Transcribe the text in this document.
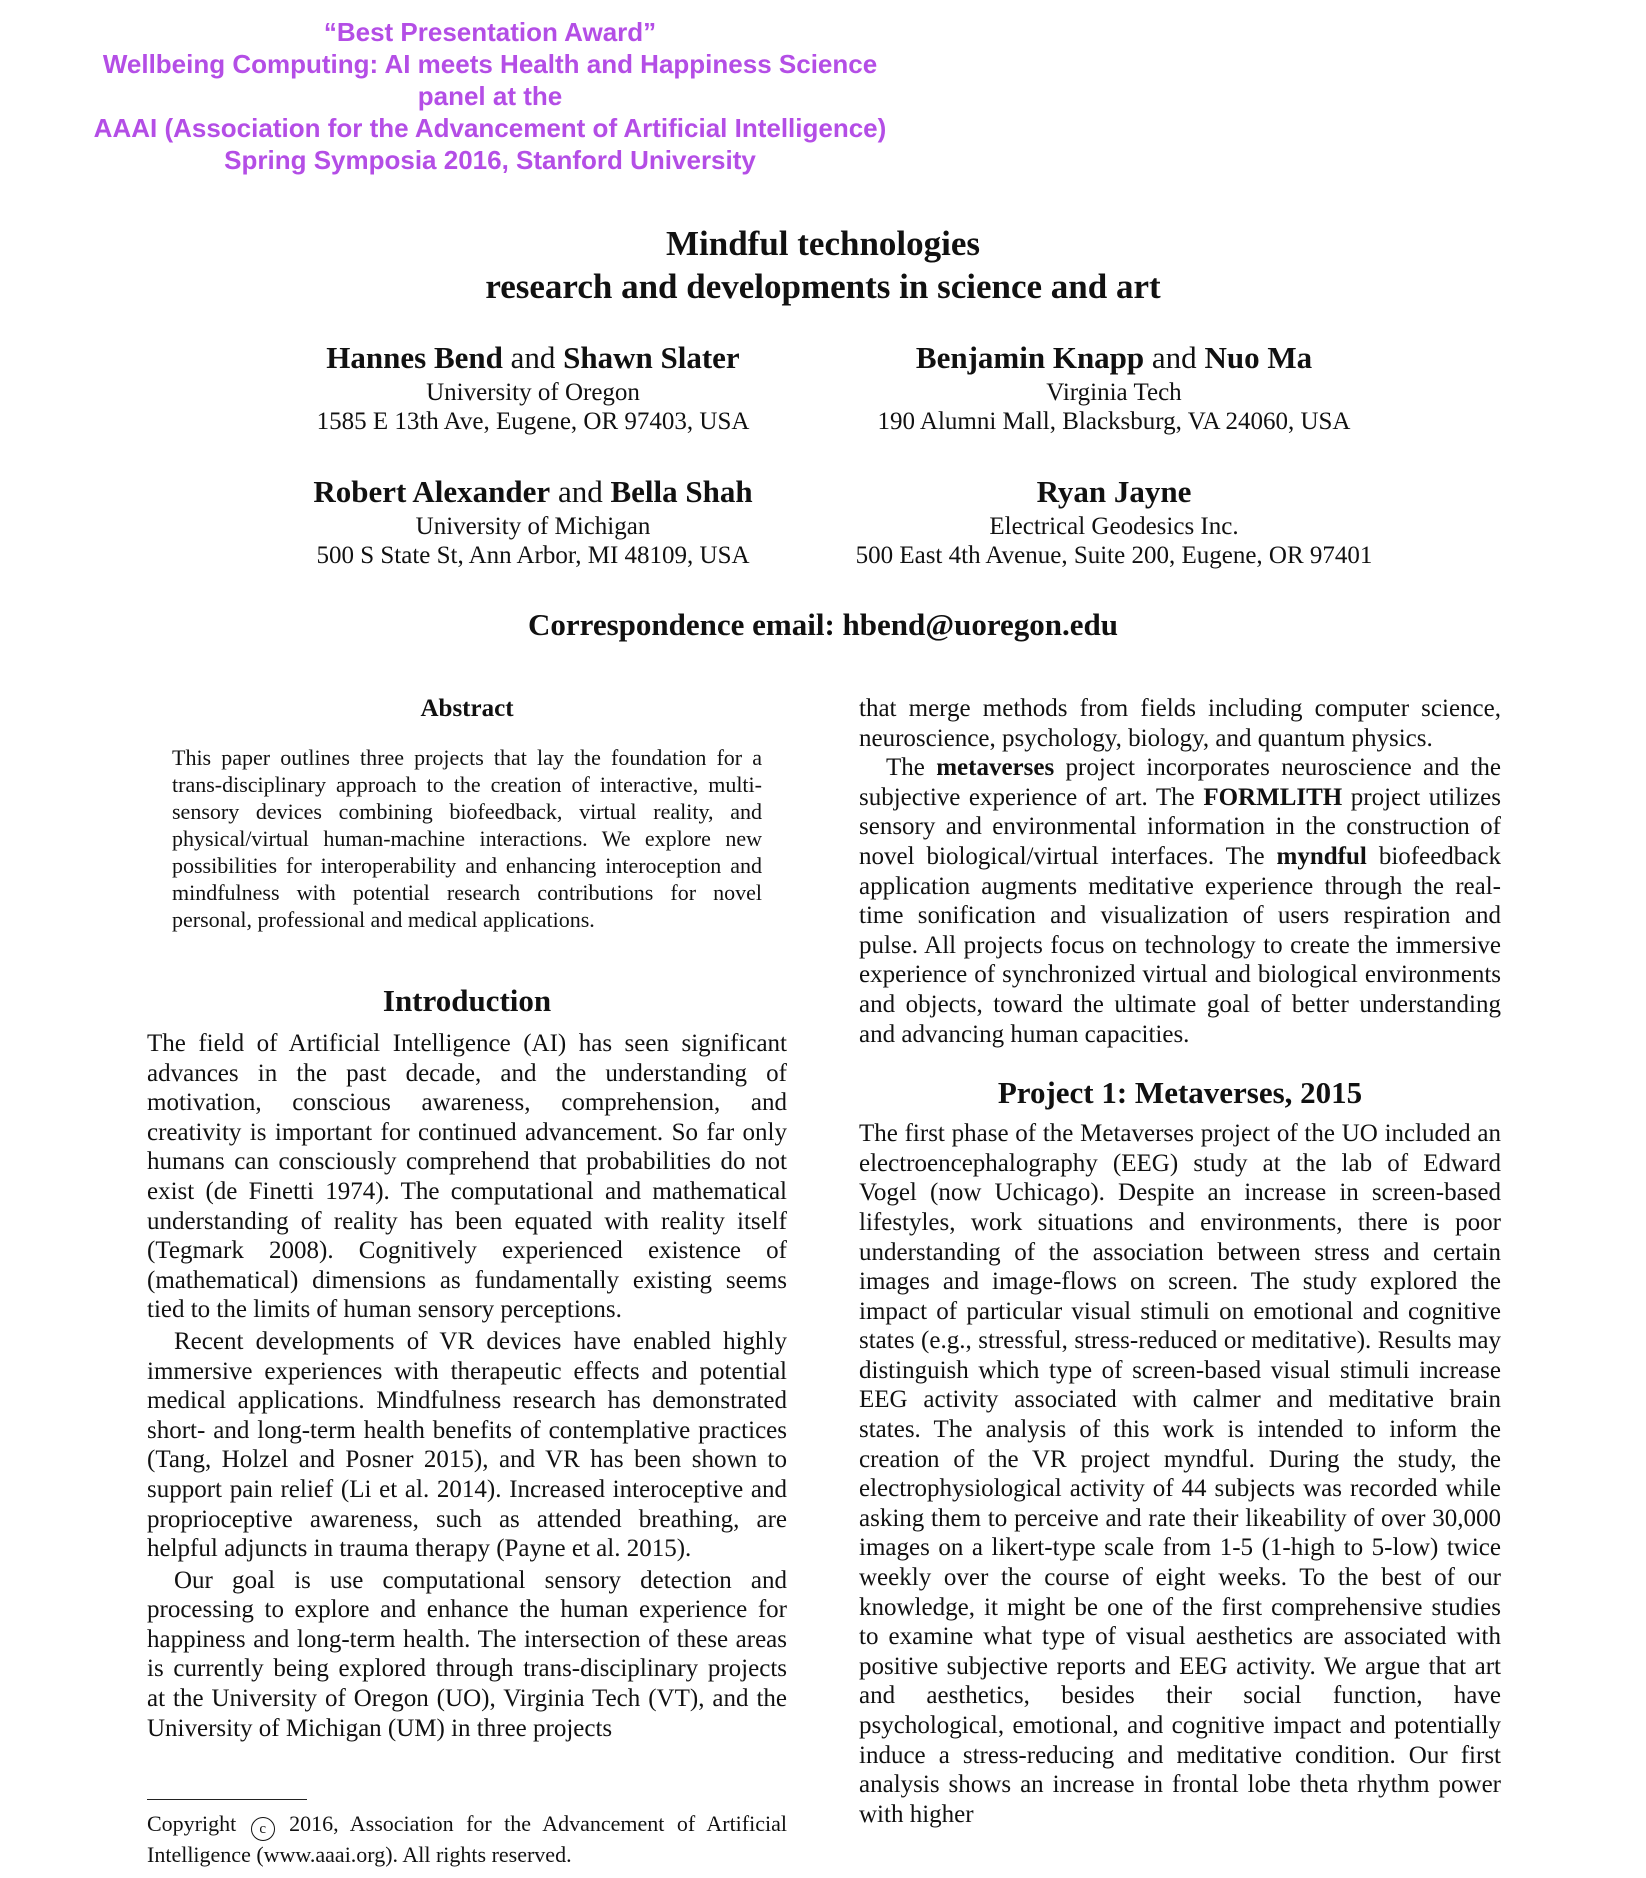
“Best Presentation Award”
Wellbeing Computing: AI meets Health and Happiness Science
panel at the
AAAI (Association for the Advancement of Artificial Intelligence)
Spring Symposia 2016, Stanford University
Mindful technologies
research and developments in science and art
Hannes Bend and Shawn Slater
University of Oregon
1585 E 13th Ave, Eugene, OR 97403, USA
Benjamin Knapp and Nuo Ma
Virginia Tech
190 Alumni Mall, Blacksburg, VA 24060, USA
Robert Alexander and Bella Shah
University of Michigan
500 S State St, Ann Arbor, MI 48109, USA
Ryan Jayne
Electrical Geodesics Inc.
500 East 4th Avenue, Suite 200, Eugene, OR 97401
Correspondence email: hbend@uoregon.edu
Abstract
This paper outlines three projects that lay the foundation for a trans-disciplinary approach to the creation of interactive, multi-sensory devices combining biofeedback, virtual reality, and physical/virtual human-machine interactions. We explore new possibilities for interoperability and enhancing interoception and mindfulness with potential research contributions for novel personal, professional and medical applications.
Introduction

The field of Artificial Intelligence (AI) has seen significant advances in the past decade, and the understanding of motivation, conscious awareness, comprehension, and creativity is important for continued advancement. So far only humans can consciously comprehend that probabilities do not exist (de Finetti 1974). The computational and mathematical understanding of reality has been equated with reality itself (Tegmark 2008). Cognitively experienced existence of (mathematical) dimensions as fundamentally existing seems tied to the limits of human sensory perceptions.

Recent developments of VR devices have enabled highly immersive experiences with therapeutic effects and potential medical applications. Mindfulness research has demonstrated short- and long-term health benefits of contemplative practices (Tang, Holzel and Posner 2015), and VR has been shown to support pain relief (Li et al. 2014). Increased interoceptive and proprioceptive awareness, such as attended breathing, are helpful adjuncts in trauma therapy (Payne et al. 2015).

Our goal is use computational sensory detection and processing to explore and enhance the human experience for happiness and long-term health. The intersection of these areas is currently being explored through trans-disciplinary projects at the University of Oregon (UO), Virginia Tech (VT), and the University of Michigan (UM) in three projects

Copyright c 2016, Association for the Advancement of Artificial Intelligence (www.aaai.org). All rights reserved.

that merge methods from fields including computer science, neuroscience, psychology, biology, and quantum physics.

The metaverses project incorporates neuroscience and the subjective experience of art. The FORMLITH project utilizes sensory and environmental information in the construction of novel biological/virtual interfaces. The myndful biofeedback application augments meditative experience through the real-time sonification and visualization of users respiration and pulse. All projects focus on technology to create the immersive experience of synchronized virtual and biological environments and objects, toward the ultimate goal of better understanding and advancing human capacities.

Project 1: Metaverses, 2015

The first phase of the Metaverses project of the UO included an electroencephalography (EEG) study at the lab of Edward Vogel (now Uchicago). Despite an increase in screen-based lifestyles, work situations and environments, there is poor understanding of the association between stress and certain images and image-flows on screen. The study explored the impact of particular visual stimuli on emotional and cognitive states (e.g., stressful, stress-reduced or meditative). Results may distinguish which type of screen-based visual stimuli increase EEG activity associated with calmer and meditative brain states. The analysis of this work is intended to inform the creation of the VR project myndful. During the study, the electrophysiological activity of 44 subjects was recorded while asking them to perceive and rate their likeability of over 30,000 images on a likert-type scale from 1-5 (1-high to 5-low) twice weekly over the course of eight weeks. To the best of our knowledge, it might be one of the first comprehensive studies to examine what type of visual aesthetics are associated with positive subjective reports and EEG activity. We argue that art and aesthetics, besides their social function, have psychological, emotional, and cognitive impact and potentially induce a stress-reducing and meditative condition. Our first analysis shows an increase in frontal lobe theta rhythm power with higher
